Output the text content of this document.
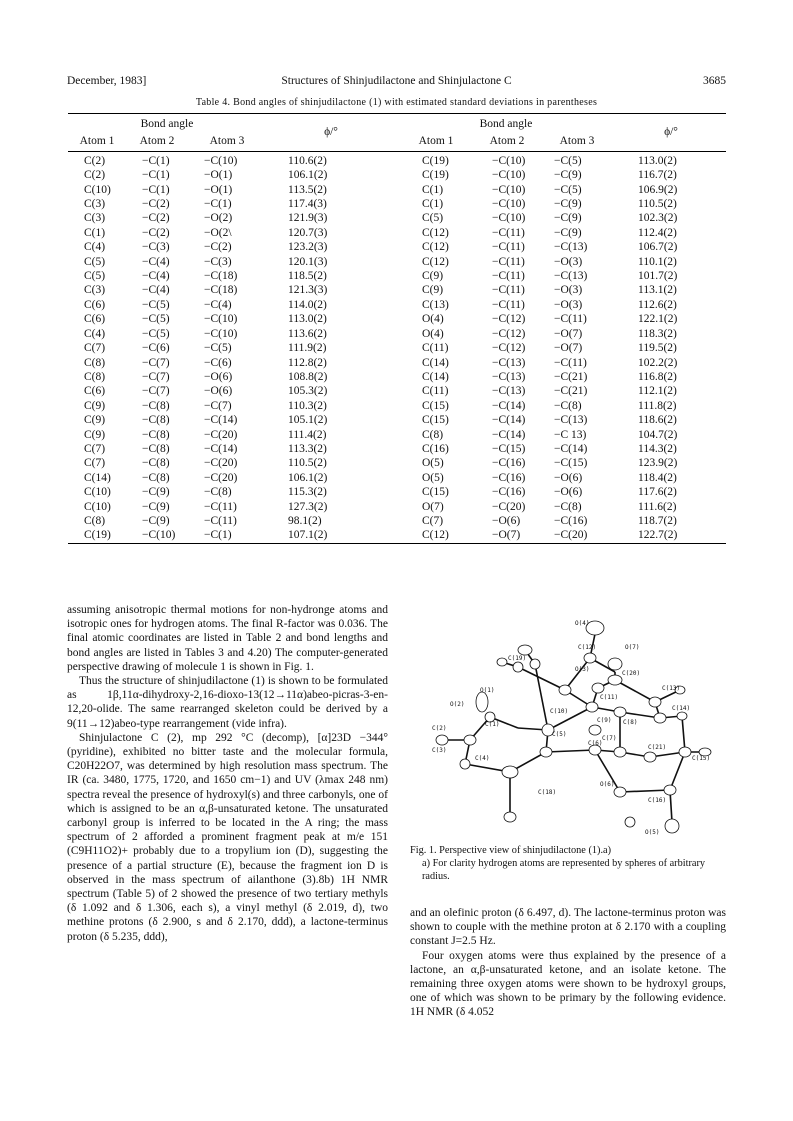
December, 1983]	Structures of Shinjudilactone and Shinjulactone C	3685
Table 4. Bond angles of shinjudilactone (1) with estimated standard deviations in parentheses
Bond angle			ϕ/°	Bond angle			ϕ/°
Atom 1	Atom 2	Atom 3		Atom 1	Atom 2	Atom 3	
C(2)	−C(1)	−C(10)	110.6(2)	C(19)	−C(10)	−C(5)	113.0(2)
C(2)	−C(1)	−O(1)	106.1(2)	C(19)	−C(10)	−C(9)	116.7(2)
C(10)	−C(1)	−O(1)	113.5(2)	C(1)	−C(10)	−C(5)	106.9(2)
C(3)	−C(2)	−C(1)	117.4(3)	C(1)	−C(10)	−C(9)	110.5(2)
C(3)	−C(2)	−O(2)	121.9(3)	C(5)	−C(10)	−C(9)	102.3(2)
C(1)	−C(2)	−O(2\	120.7(3)	C(12)	−C(11)	−C(9)	112.4(2)
C(4)	−C(3)	−C(2)	123.2(3)	C(12)	−C(11)	−C(13)	106.7(2)
C(5)	−C(4)	−C(3)	120.1(3)	C(12)	−C(11)	−O(3)	110.1(2)
C(5)	−C(4)	−C(18)	118.5(2)	C(9)	−C(11)	−C(13)	101.7(2)
C(3)	−C(4)	−C(18)	121.3(3)	C(9)	−C(11)	−O(3)	113.1(2)
C(6)	−C(5)	−C(4)	114.0(2)	C(13)	−C(11)	−O(3)	112.6(2)
C(6)	−C(5)	−C(10)	113.0(2)	O(4)	−C(12)	−C(11)	122.1(2)
C(4)	−C(5)	−C(10)	113.6(2)	O(4)	−C(12)	−O(7)	118.3(2)
C(7)	−C(6)	−C(5)	111.9(2)	C(11)	−C(12)	−O(7)	119.5(2)
C(8)	−C(7)	−C(6)	112.8(2)	C(14)	−C(13)	−C(11)	102.2(2)
C(8)	−C(7)	−O(6)	108.8(2)	C(14)	−C(13)	−C(21)	116.8(2)
C(6)	−C(7)	−O(6)	105.3(2)	C(11)	−C(13)	−C(21)	112.1(2)
C(9)	−C(8)	−C(7)	110.3(2)	C(15)	−C(14)	−C(8)	111.8(2)
C(9)	−C(8)	−C(14)	105.1(2)	C(15)	−C(14)	−C(13)	118.6(2)
C(9)	−C(8)	−C(20)	111.4(2)	C(8)	−C(14)	−C 13)	104.7(2)
C(7)	−C(8)	−C(14)	113.3(2)	C(16)	−C(15)	−C(14)	114.3(2)
C(7)	−C(8)	−C(20)	110.5(2)	O(5)	−C(16)	−C(15)	123.9(2)
C(14)	−C(8)	−C(20)	106.1(2)	O(5)	−C(16)	−O(6)	118.4(2)
C(10)	−C(9)	−C(8)	115.3(2)	C(15)	−C(16)	−O(6)	117.6(2)
C(10)	−C(9)	−C(11)	127.3(2)	O(7)	−C(20)	−C(8)	111.6(2)
C(8)	−C(9)	−C(11)	98.1(2)	C(7)	−O(6)	−C(16)	118.7(2)
C(19)	−C(10)	−C(1)	107.1(2)	C(12)	−O(7)	−C(20)	122.7(2)

assuming anisotropic thermal motions for non-hydronge atoms and isotropic ones for hydrogen atoms. The final R-factor was 0.036. The final atomic coordinates are listed in Table 2 and bond lengths and bond angles are listed in Tables 3 and 4.20) The computer-generated perspective drawing of molecule 1 is shown in Fig. 1.

Thus the structure of shinjudilactone (1) is shown to be formulated as 1β,11α-dihydroxy-2,16-dioxo-13(12→11α)abeo-picras-3-en-12,20-olide. The same rearranged skeleton could be derived by a 9(11→12)abeo-type rearrangement (vide infra).

Shinjulactone C (2), mp 292 °C (decomp), [α]23D −344° (pyridine), exhibited no bitter taste and the molecular formula, C20H22O7, was determined by high resolution mass spectrum. The IR (ca. 3480, 1775, 1720, and 1650 cm−1) and UV (λmax 248 nm) spectra reveal the presence of hydroxyl(s) and three carbonyls, one of which is assigned to be an α,β-unsaturated ketone. The unsaturated carbonyl group is inferred to be located in the A ring; the mass spectrum of 2 afforded a prominent fragment peak at m/e 151 (C9H11O2)+ probably due to a tropylium ion (D), suggesting the presence of a partial structure (E), because the fragment ion D is observed in the mass spectrum of ailanthone (3).8b) 1H NMR spectrum (Table 5) of 2 showed the presence of two tertiary methyls (δ 1.092 and δ 1.306, each s), a vinyl methyl (δ 2.019, d), two methine protons (δ 2.900, s and δ 2.170, ddd), a lactone-terminus proton (δ 5.235, ddd),

O(4)
C(12)	O(7)
C(19)
O(3)
C(20)
C(13)
O(1)
C(11)
O(2)
C(10)	C(14)
C(1)
C(9) C(8)
C(2)
C(5)
C(7)
C(6)
C(21)
C(3)
C(15)
C(4)
C(18)
O(6)
C(16)
O(5)
Fig. 1. Perspective view of shinjudilactone (1).a)
a) For clarity hydrogen atoms are represented by spheres of arbitrary radius.

and an olefinic proton (δ 6.497, d). The lactone-terminus proton was shown to couple with the methine proton at δ 2.170 with a coupling constant J=2.5 Hz.

Four oxygen atoms were thus explained by the presence of a lactone, an α,β-unsaturated ketone, and an isolate ketone. The remaining three oxygen atoms were shown to be hydroxyl groups, one of which was shown to be primary by the following evidence. 1H NMR (δ 4.052
